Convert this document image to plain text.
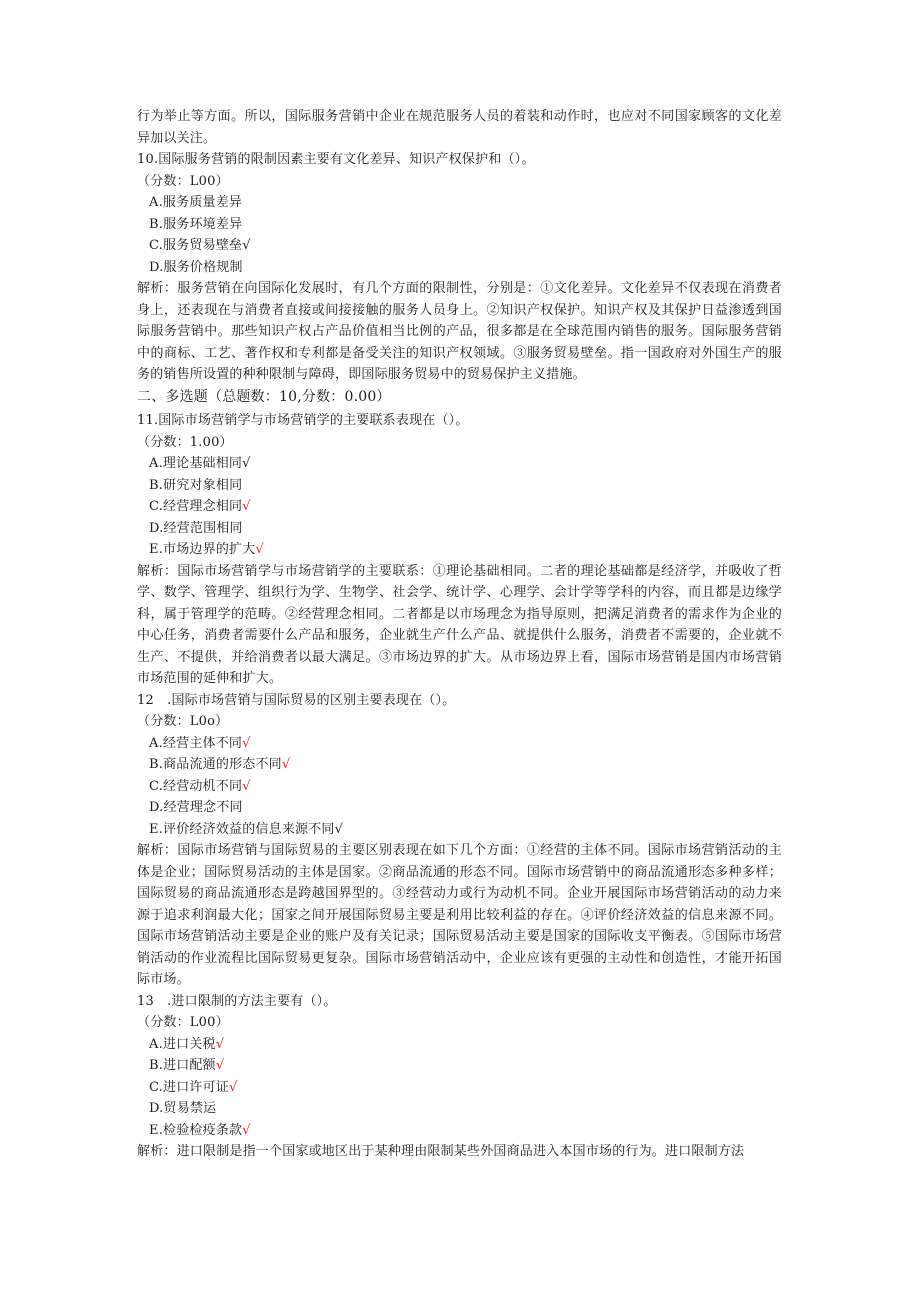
行为举止等方面。所以，国际服务营销中企业在规范服务人员的着装和动作时，也应对不同国家顾客的文化差异加以关注。

10.国际服务营销的限制因素主要有文化差异、知识产权保护和（）。
（分数：L00）
A.服务质量差异
B.服务环境差异
C.服务贸易壁垒√
D.服务价格规制

解析：服务营销在向国际化发展时，有几个方面的限制性，分别是：①文化差异。文化差异不仅表现在消费者身上，还表现在与消费者直接或间接接触的服务人员身上。②知识产权保护。知识产权及其保护日益渗透到国际服务营销中。那些知识产权占产品价值相当比例的产品，很多都是在全球范围内销售的服务。国际服务营销中的商标、工艺、著作权和专利都是备受关注的知识产权领域。③服务贸易壁垒。指一国政府对外国生产的服务的销售所设置的种种限制与障碍，即国际服务贸易中的贸易保护主义措施。

二、多选题（总题数：10,分数：0.00）
11.国际市场营销学与市场营销学的主要联系表现在（）。
（分数：1.00）
A.理论基础相同√
B.研究对象相同
C.经营理念相同√
D.经营范围相同
E.市场边界的扩大√

解析：国际市场营销学与市场营销学的主要联系：①理论基础相同。二者的理论基础都是经济学，并吸收了哲学、数学、管理学、组织行为学、生物学、社会学、统计学、心理学、会计学等学科的内容，而且都是边缘学科，属于管理学的范畴。②经营理念相同。二者都是以市场理念为指导原则，把满足消费者的需求作为企业的中心任务，消费者需要什么产品和服务，企业就生产什么产品、就提供什么服务，消费者不需要的，企业就不生产、不提供，并给消费者以最大满足。③市场边界的扩大。从市场边界上看，国际市场营销是国内市场营销市场范围的延伸和扩大。

12　.国际市场营销与国际贸易的区别主要表现在（）。
（分数：L0o）
A.经营主体不同√
B.商品流通的形态不同√
C.经营动机不同√
D.经营理念不同
E.评价经济效益的信息来源不同√

解析：国际市场营销与国际贸易的主要区别表现在如下几个方面：①经营的主体不同。国际市场营销活动的主体是企业；国际贸易活动的主体是国家。②商品流通的形态不同。国际市场营销中的商品流通形态多种多样；国际贸易的商品流通形态是跨越国界型的。③经营动力或行为动机不同。企业开展国际市场营销活动的动力来源于追求利润最大化；国家之间开展国际贸易主要是利用比较利益的存在。④评价经济效益的信息来源不同。国际市场营销活动主要是企业的账户及有关记录；国际贸易活动主要是国家的国际收支平衡表。⑤国际市场营销活动的作业流程比国际贸易更复杂。国际市场营销活动中，企业应该有更强的主动性和创造性，才能开拓国际市场。

13　.进口限制的方法主要有（）。
（分数：L00）
A.进口关税√
B.进口配额√
C.进口许可证√
D.贸易禁运
E.检验检疫条款√

解析：进口限制是指一个国家或地区出于某种理由限制某些外国商品进入本国市场的行为。进口限制方法
